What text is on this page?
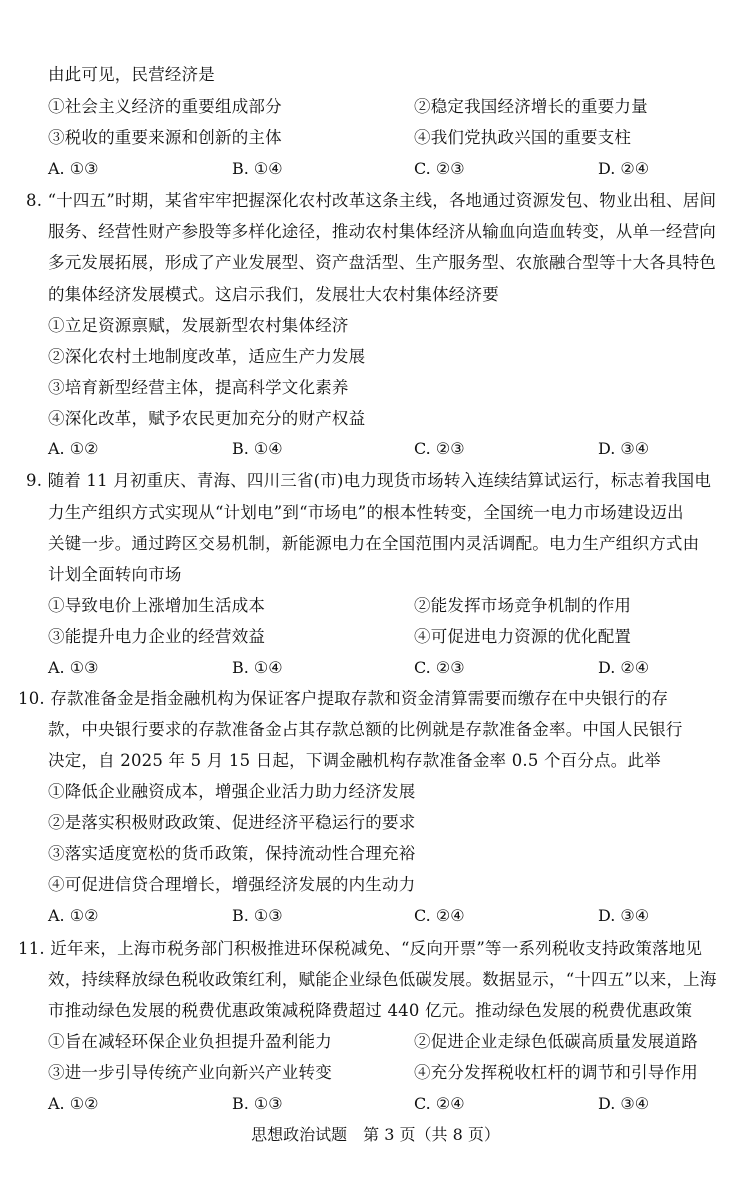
由此可见，民营经济是
①社会主义经济的重要组成部分	②稳定我国经济增长的重要力量
③税收的重要来源和创新的主体	④我们党执政兴国的重要支柱
A. ①③	B. ①④	C. ②③	D. ②④
8. “十四五”时期，某省牢牢把握深化农村改革这条主线，各地通过资源发包、物业出租、居间
服务、经营性财产参股等多样化途径，推动农村集体经济从输血向造血转变，从单一经营向
多元发展拓展，形成了产业发展型、资产盘活型、生产服务型、农旅融合型等十大各具特色
的集体经济发展模式。这启示我们，发展壮大农村集体经济要
①立足资源禀赋，发展新型农村集体经济
②深化农村土地制度改革，适应生产力发展
③培育新型经营主体，提高科学文化素养
④深化改革，赋予农民更加充分的财产权益
A. ①②	B. ①④	C. ②③	D. ③④
9. 随着 11 月初重庆、青海、四川三省(市)电力现货市场转入连续结算试运行，标志着我国电
力生产组织方式实现从“计划电”到“市场电”的根本性转变，全国统一电力市场建设迈出
关键一步。通过跨区交易机制，新能源电力在全国范围内灵活调配。电力生产组织方式由
计划全面转向市场
①导致电价上涨增加生活成本	②能发挥市场竞争机制的作用
③能提升电力企业的经营效益	④可促进电力资源的优化配置
A. ①③	B. ①④	C. ②③	D. ②④
10. 存款准备金是指金融机构为保证客户提取存款和资金清算需要而缴存在中央银行的存
款，中央银行要求的存款准备金占其存款总额的比例就是存款准备金率。中国人民银行
决定，自 2025 年 5 月 15 日起，下调金融机构存款准备金率 0.5 个百分点。此举
①降低企业融资成本，增强企业活力助力经济发展
②是落实积极财政政策、促进经济平稳运行的要求
③落实适度宽松的货币政策，保持流动性合理充裕
④可促进信贷合理增长，增强经济发展的内生动力
A. ①②	B. ①③	C. ②④	D. ③④
11. 近年来，上海市税务部门积极推进环保税减免、“反向开票”等一系列税收支持政策落地见
效，持续释放绿色税收政策红利，赋能企业绿色低碳发展。数据显示，“十四五”以来，上海
市推动绿色发展的税费优惠政策减税降费超过 440 亿元。推动绿色发展的税费优惠政策
①旨在减轻环保企业负担提升盈利能力	②促进企业走绿色低碳高质量发展道路
③进一步引导传统产业向新兴产业转变	④充分发挥税收杠杆的调节和引导作用
A. ①②	B. ①③	C. ②④	D. ③④
思想政治试题　第 3 页（共 8 页）
